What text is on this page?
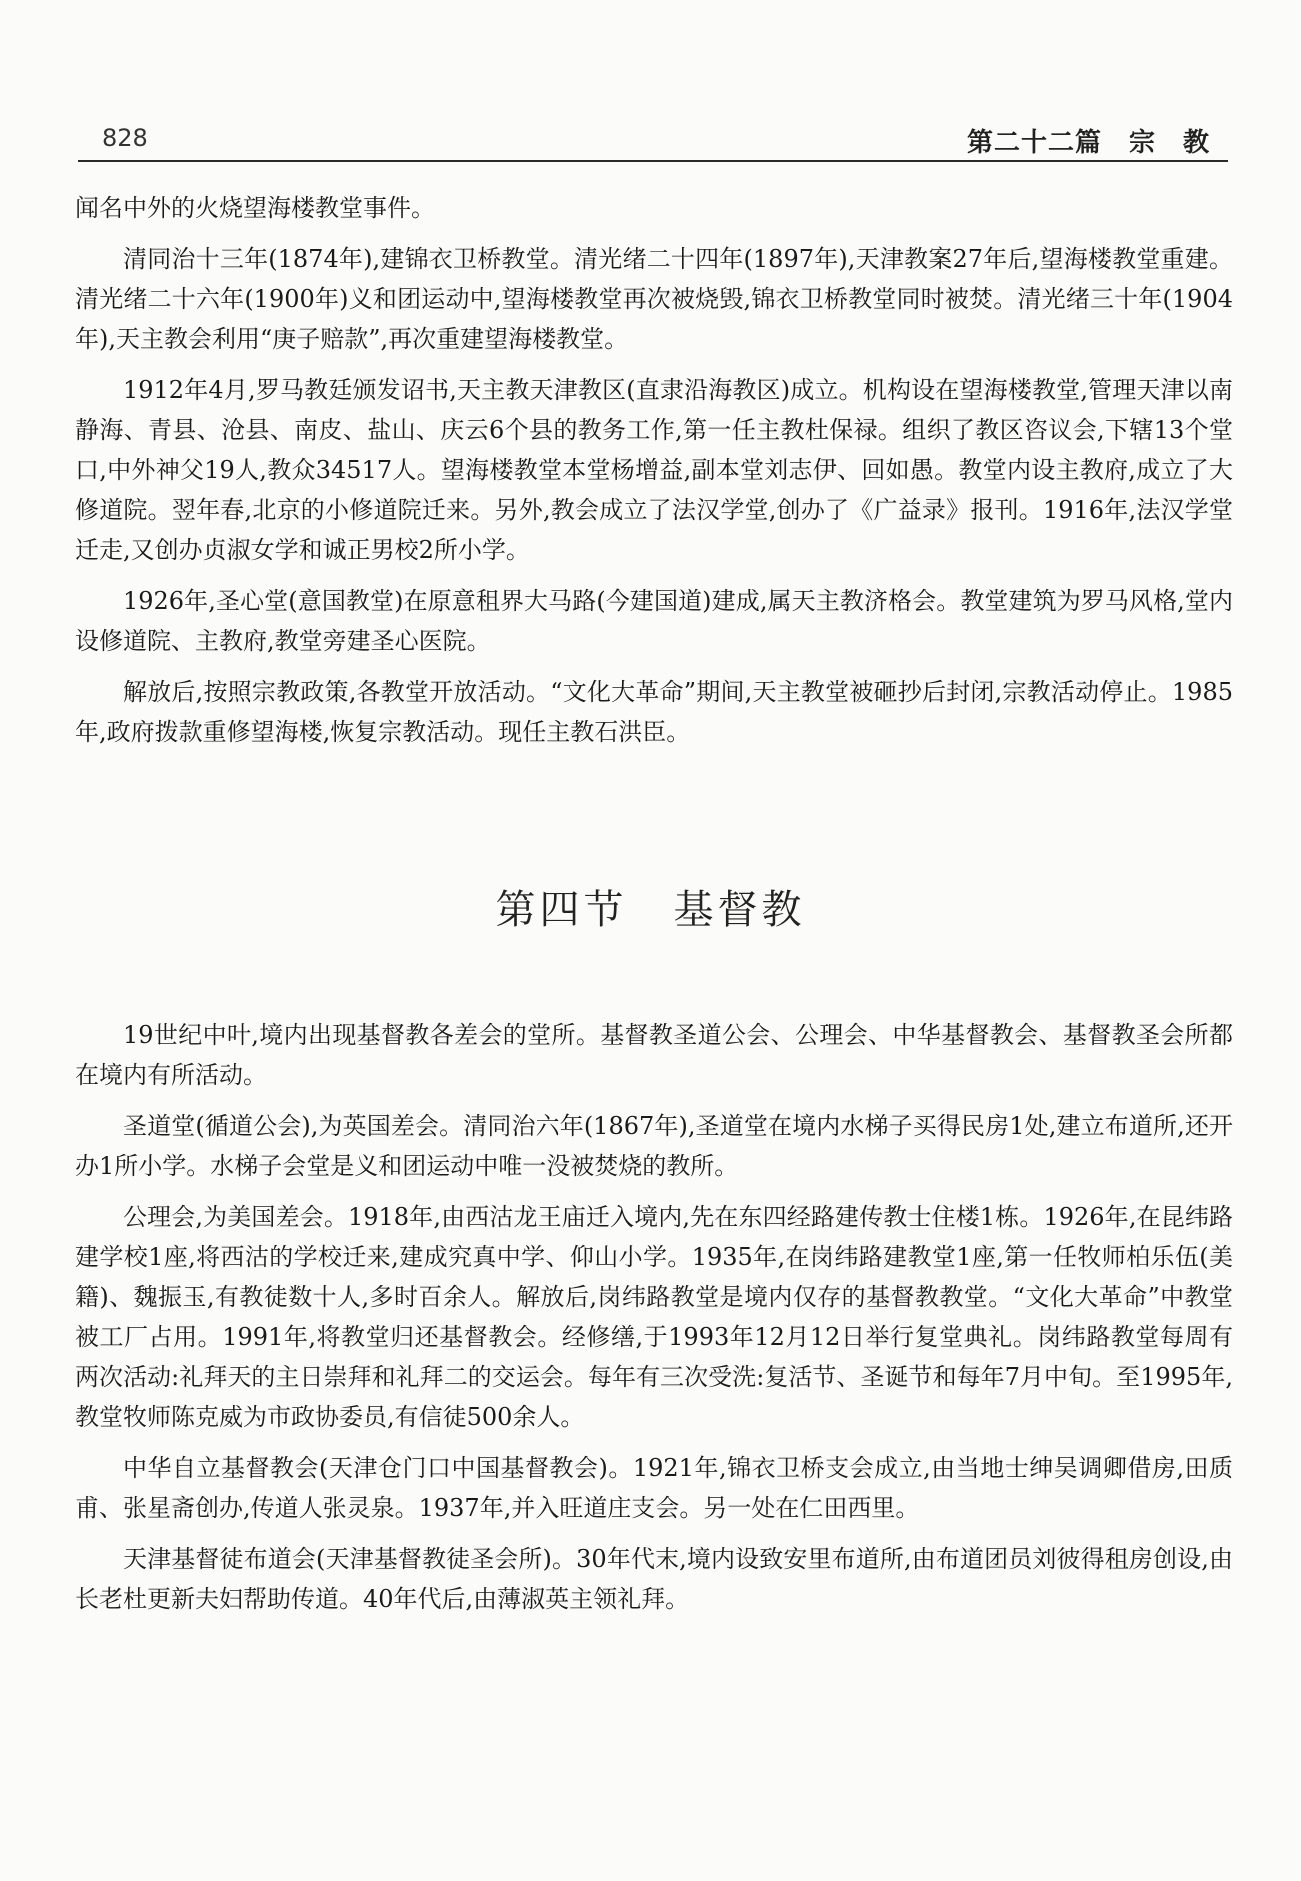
828	第二十二篇　宗　教

闻名中外的火烧望海楼教堂事件。

清同治十三年(1874年),建锦衣卫桥教堂。清光绪二十四年(1897年),天津教案27年后,望海楼教堂重建。清光绪二十六年(1900年)义和团运动中,望海楼教堂再次被烧毁,锦衣卫桥教堂同时被焚。清光绪三十年(1904年),天主教会利用“庚子赔款”,再次重建望海楼教堂。

1912年4月,罗马教廷颁发诏书,天主教天津教区(直隶沿海教区)成立。机构设在望海楼教堂,管理天津以南静海、青县、沧县、南皮、盐山、庆云6个县的教务工作,第一任主教杜保禄。组织了教区咨议会,下辖13个堂口,中外神父19人,教众34517人。望海楼教堂本堂杨增益,副本堂刘志伊、回如愚。教堂内设主教府,成立了大修道院。翌年春,北京的小修道院迁来。另外,教会成立了法汉学堂,创办了《广益录》报刊。1916年,法汉学堂迁走,又创办贞淑女学和诚正男校2所小学。

1926年,圣心堂(意国教堂)在原意租界大马路(今建国道)建成,属天主教济格会。教堂建筑为罗马风格,堂内设修道院、主教府,教堂旁建圣心医院。

解放后,按照宗教政策,各教堂开放活动。“文化大革命”期间,天主教堂被砸抄后封闭,宗教活动停止。1985年,政府拨款重修望海楼,恢复宗教活动。现任主教石洪臣。

第四节 基督教

19世纪中叶,境内出现基督教各差会的堂所。基督教圣道公会、公理会、中华基督教会、基督教圣会所都在境内有所活动。

圣道堂(循道公会),为英国差会。清同治六年(1867年),圣道堂在境内水梯子买得民房1处,建立布道所,还开办1所小学。水梯子会堂是义和团运动中唯一没被焚烧的教所。

公理会,为美国差会。1918年,由西沽龙王庙迁入境内,先在东四经路建传教士住楼1栋。1926年,在昆纬路建学校1座,将西沽的学校迁来,建成究真中学、仰山小学。1935年,在岗纬路建教堂1座,第一任牧师柏乐伍(美籍)、魏振玉,有教徒数十人,多时百余人。解放后,岗纬路教堂是境内仅存的基督教教堂。“文化大革命”中教堂被工厂占用。1991年,将教堂归还基督教会。经修缮,于1993年12月12日举行复堂典礼。岗纬路教堂每周有两次活动:礼拜天的主日崇拜和礼拜二的交运会。每年有三次受洗:复活节、圣诞节和每年7月中旬。至1995年,教堂牧师陈克威为市政协委员,有信徒500余人。

中华自立基督教会(天津仓门口中国基督教会)。1921年,锦衣卫桥支会成立,由当地士绅吴调卿借房,田质甫、张星斋创办,传道人张灵泉。1937年,并入旺道庄支会。另一处在仁田西里。

天津基督徒布道会(天津基督教徒圣会所)。30年代末,境内设致安里布道所,由布道团员刘彼得租房创设,由长老杜更新夫妇帮助传道。40年代后,由薄淑英主领礼拜。
